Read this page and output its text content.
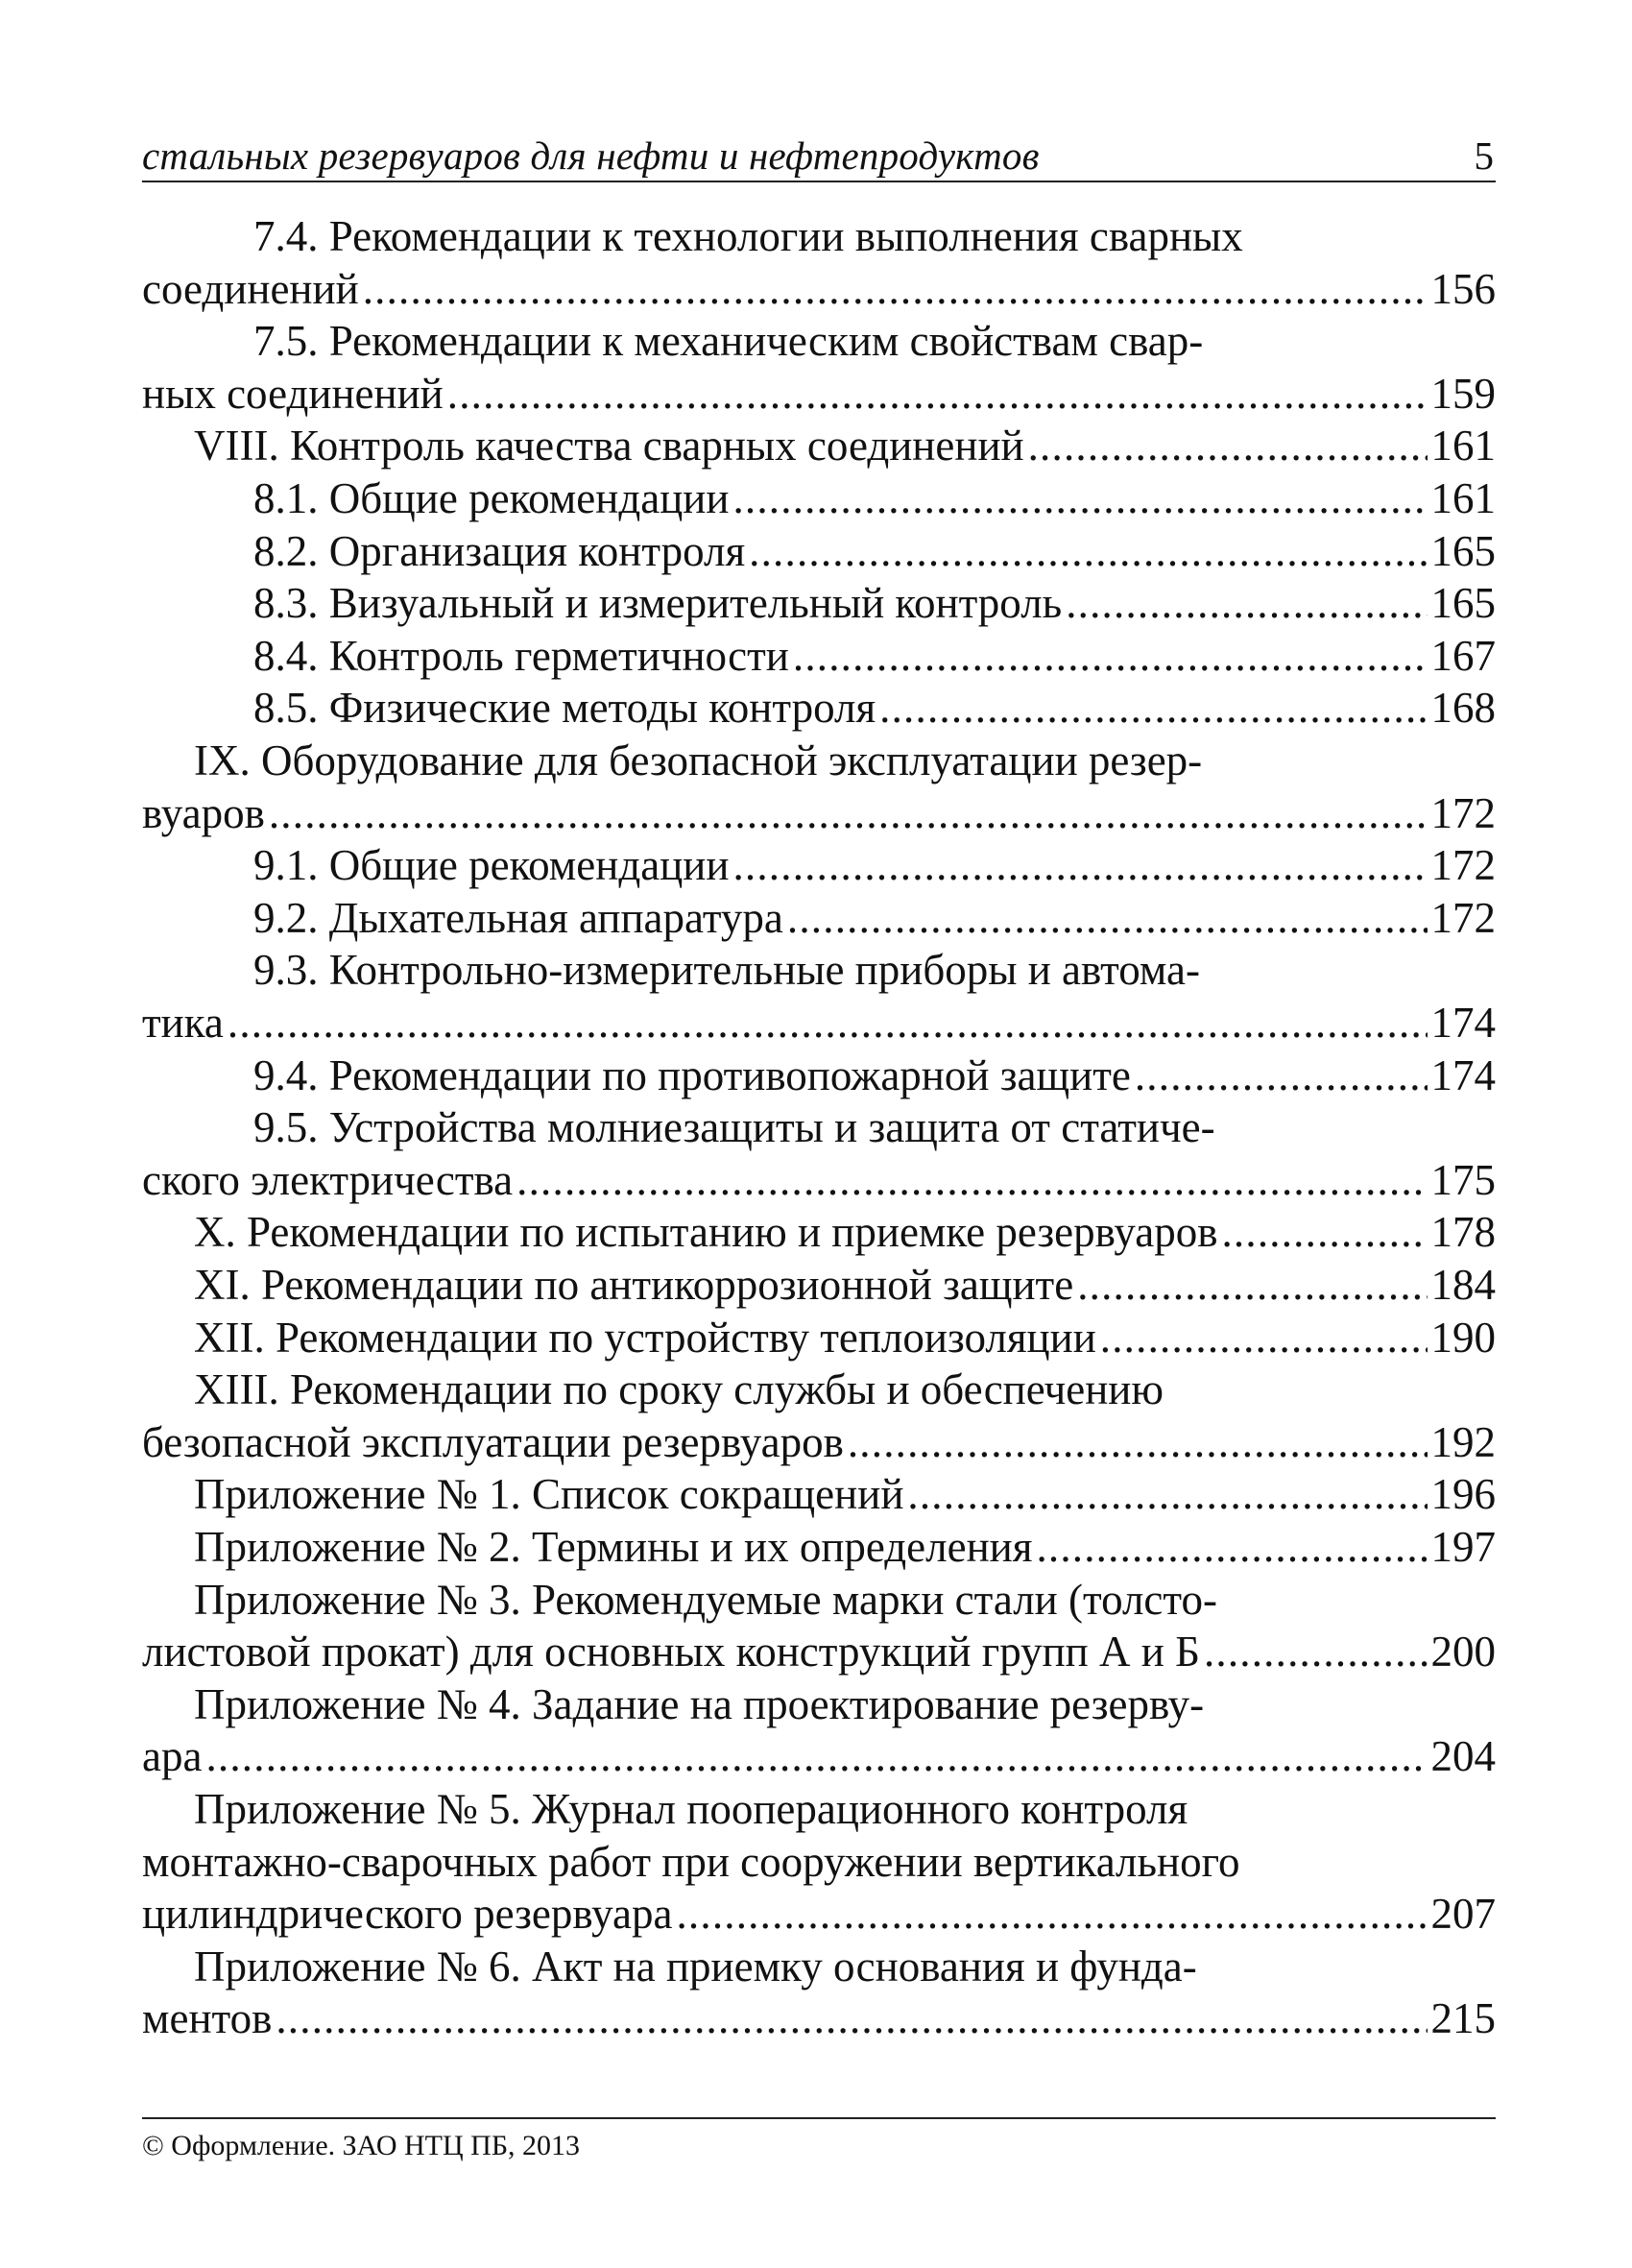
стальных резервуаров для нефти и нефтепродуктов	5
7.4. Рекомендации к технологии выполнения сварных
соединений .....	156
7.5. Рекомендации к механическим свойствам свар-
ных соединений .....	159
VIII. Контроль качества сварных соединений .....	161
8.1. Общие рекомендации .....	161
8.2. Организация контроля .....	165
8.3. Визуальный и измерительный контроль .....	165
8.4. Контроль герметичности .....	167
8.5. Физические методы контроля .....	168
IX. Оборудование для безопасной эксплуатации резер-
вуаров .....	172
9.1. Общие рекомендации .....	172
9.2. Дыхательная аппаратура .....	172
9.3. Контрольно-измерительные приборы и автома-
тика .....	174
9.4. Рекомендации по противопожарной защите .....	174
9.5. Устройства молниезащиты и защита от статиче-
ского электричества .....	175
X. Рекомендации по испытанию и приемке резервуаров .....	178
XI. Рекомендации по антикоррозионной защите .....	184
XII. Рекомендации по устройству теплоизоляции .....	190
XIII. Рекомендации по сроку службы и обеспечению
безопасной эксплуатации резервуаров .....	192
Приложение № 1. Список сокращений .....	196
Приложение № 2. Термины и их определения .....	197
Приложение № 3. Рекомендуемые марки стали (толсто-
листовой прокат) для основных конструкций групп А и Б .....	200
Приложение № 4. Задание на проектирование резерву-
ара .....	204
Приложение № 5. Журнал пооперационного контроля
монтажно-сварочных работ при сооружении вертикального
цилиндрического резервуара .....	207
Приложение № 6. Акт на приемку основания и фунда-
ментов .....	215
© Оформление. ЗАО НТЦ ПБ, 2013
